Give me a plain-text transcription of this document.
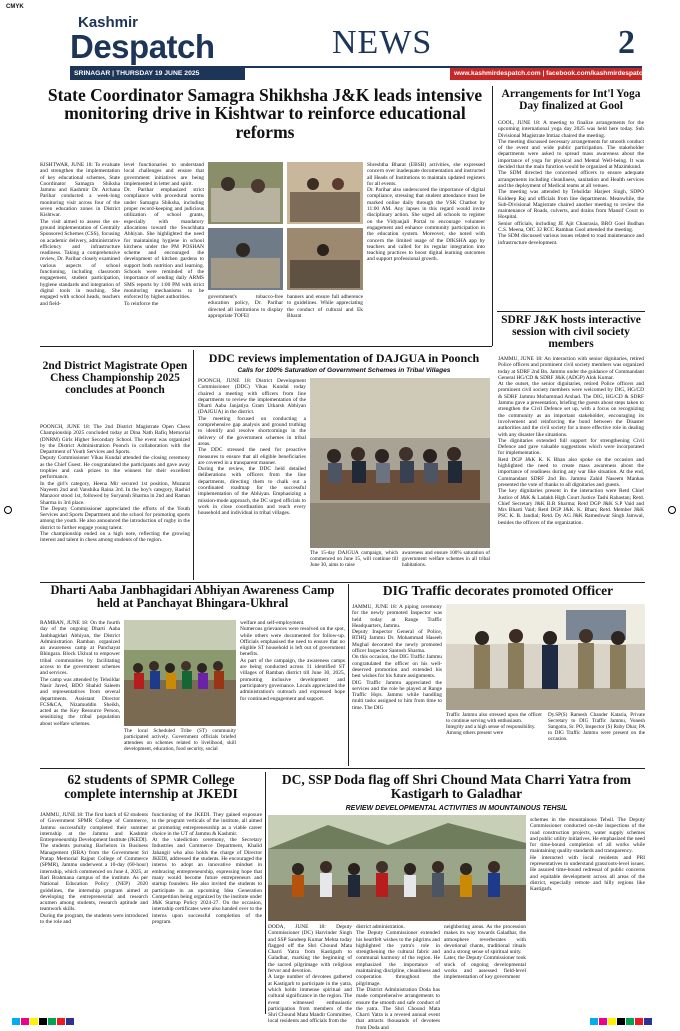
CMYK
Kashmir
Despatch	NEWS	2
SRINAGAR | THURSDAY 19 JUNE 2025	www.kashmirdespatch.com | facebook.com/kashmirdespatch
State Coordinator Samagra Shikhsha J&K leads intensive monitoring drive in Kishtwar to reinforce educational reforms
KISHTWAR, JUNE 18: To evaluate and strengthen the implementation of key educational schemes, State Coordinator Samagra Shiksha Jammu and Kashmir Dr. Archana Parihar conducted a week-long monitoring visit across four of the seven education zones in District Kishtwar.
The visit aimed to assess the on-ground implementation of Centrally Sponsored Schemes (CSS), focusing on academic delivery, administrative efficiency and infrastructure readiness. Taking a comprehensive review, Dr. Parihar closely examined various aspects of school functioning, including classroom engagement, student participation, hygiene standards and integration of digital tools in teaching. She engaged with school heads, teachers and field-
level functionaries to understand local challenges and ensure that government initiatives are being implemented in letter and spirit.
Dr. Parihar emphasized strict compliance with procedural norms under Samagra Shiksha, including proper record-keeping and judicious utilization of school grants, especially with mandatory allocations toward the Swachhata Abhiyan. She highlighted the need for maintaining hygiene in school kitchens under the PM POSHAN scheme and encouraged the development of kitchen gardens to support both nutrition and learning. Schools were reminded of the importance of sending daily ARMS SMS reports by 1:00 PM with strict monitoring mechanisms to be enforced by higher authorities.
To reinforce the
government's tobacco-free education policy, Dr. Parihar directed all institutions to display appropriate TOFEI
banners and ensure full adherence to guidelines. While appreciating the conduct of cultural and Ek Bharat
Shreshtha Bharat (EBSB) activities, she expressed concern over inadequate documentation and instructed all Heads of Institutions to maintain updated registers for all events.
Dr. Parihar also underscored the importance of digital compliance, stressing that student attendance must be marked online daily through the VSK Chatbot by 11:00 AM. Any lapses in this regard would invite disciplinary action. She urged all schools to register on the Vidyanjali Portal to encourage volunteer engagement and enhance community participation in the education system. Moreover, she noted with concern the limited usage of the DIKSHA app by teachers and called for its regular integration into teaching practices to boost digital learning outcomes and support professional growth.
Arrangements for Int'l Yoga Day finalized at Gool
GOOL, JUNE 18: A meeting to finalize arrangements for the upcoming international yoga day 2025 was held here today. Sub Divisional Magistrate Imtiaz chaired the meeting.
The meeting discussed necessary arrangements for smooth conduct of the event and wide public participation. The stakeholder departments were asked to spread mass awareness about the importance of yoga for physical and Mental Well-being. It was decided that the main function would be organized at Mazimkund.
The SDM directed the concerned officers to ensure adequate arrangements including cleanliness, sanitation and Health services and the deployment of Medical teams at all venues.
The meeting was attended by Tehsildar Harjeet Singh, SDPO Kuldeep Raj and officials from line departments. Meanwhile, the Sub-Divisional Magistrate chaired another meeting to review the maintenance of Roads, culverts, and drains from Mansif Court to Hospital.
Senior officials, including JE Ajit Chaurasia, BRO Goel Budhan C.S. Meena, OIC 32 RCC Ramban Gool attended the meeting.
The SDM discussed various issues related to road maintenance and infrastructure development.
SDRF J&K hosts interactive session with civil society members
JAMMU, JUNE 18: An interaction with senior dignitaries, retired Police officers and prominent civil society members was organized today at SDRF 2nd Bn. Jammu under the guidance of Commandant General HG/CD & SDRF J&K (ADGP) Alok Kumar.
At the outset, the senior dignitaries, retired Police officers and prominent civil society members were welcomed by DIG, HG/CD & SDRF Jammu Mohammad Arshad. The DIG, HG/CD & SDRF Jammu gave a presentation, briefing the guests about steps taken to strengthen the Civil Defence set up, with a focus on recognizing the community as an important stakeholder, encouraging its involvement and reinforcing the bond between the Disaster authorities and the civil society for a more effective role in dealing with any disaster like situations.
The dignitaries extended full support for strengthening Civil Defence and gave valuable suggestions which were incorporated for implementation.
Retd DGP J&K K. K Bhan also spoke on the occasion and highlighted the need to create mass awareness about the importance of readiness during any war like situation. At the end, Commandant SDRF 2nd Bn. Jammu Zahid Naseem Manhas presented the vote of thanks to all dignitaries and guests.
The key dignitaries present in the interaction were Retd Chief Justice of J&K & Ladakh High Court Justice Tashi Rabastan; Retd. Chief Secretary J&K B.R Sharma; Retd DGP J&K S.P Vaid and Mrs Bharti Vaid; Retd DGP J&K. K. Bhan; Retd. Member J&K PSC K. B. Jandial; Retd. Dy AG J&K Rameshwar Singh Jamwal, besides the officers of the organization.
2nd District Magistrate Open Chess Championship 2025 concludes at Poonch
POONCH, JUNE 18: The 2nd District Magistrate Open Chess Championship 2025 concluded today at Dina Nath Rafiq Memorial (DNRM) Girls Higher Secondary School. The event was organized by the District Administration Poonch in collaboration with the Department of Youth Services and Sports.
Deputy Commissioner Vikas Kundal attended the closing ceremony as the Chief Guest. He congratulated the participants and gave away trophies and cash prizes to the winners for their excellent performance.
In the girl's category, Heena Mir secured 1st position, Muzarat Nayeem 2nd and Vanshika Raina 3rd. In the boy's category, Rashid Manzoor stood 1st, followed by Suryansh Sharma in 2nd and Raman Sharma in 3rd place.
The Deputy Commissioner appreciated the efforts of the Youth Services and Sports Department and the school for promoting sports among the youth. He also announced the introduction of rugby in the district to further engage young talent.
The championship ended on a high note, reflecting the growing interest and talent in chess among students of the region.
DDC reviews implementation of DAJGUA in Poonch
Calls for 100% Saturation of Government Schemes in Tribal Villages
POONCH, JUNE 18: District Development Commissioner (DDC) Vikas Kundal today chaired a meeting with officers from line departments to review the implementation of the Dharti Aaba Janjatiya Gram Utkarsh Abhiyan (DAJGUA) in the district.
The meeting focused on conducting a comprehensive gap analysis and ground truthing to identify and resolve shortcomings in the delivery of the government schemes in tribal areas.
The DDC stressed the need for proactive measures to ensure that all eligible beneficiaries are covered in a transparent manner.
During the review, the DDC held detailed deliberations with officers from the line departments, directing them to chalk out a coordinated roadmap for the successful implementation of the Abhiyan. Emphasizing a mission-mode approach, the DC urged officials to work in close coordination and reach every household and individual in tribal villages.
The 15-day DAJGUA campaign, which commenced on June 15, will continue till June 30, aims to raise
awareness and ensure 100% saturation of government welfare schemes in all tribal habitations.
Dharti Aaba Janbhagidari Abhiyan Awareness Camp held at Panchayat Bhingara-Ukhral
RAMBAN, JUNE 18: On the fourth day of the ongoing Dharti Aaba Janbhagidari Abhiyan, the District Administration Ramban organized an awareness camp at Panchayat Bhingara. Block Ukhral to empower tribal communities by facilitating access to the government schemes and services.
The camp was attended by Tehsildar Nasir Javed, BDO Shahid Saleem and representatives from several departments. Assistant Director FCS&CA, Nizamuddin Sheikh, acted as the Key Resource Person, sensitizing the tribal population about welfare schemes.
The local Scheduled Tribe (ST) community participated actively. Government officials briefed attendees on schemes related to livelihood, skill development, education, food security, social
welfare and self-employment.
Numerous grievances were resolved on the spot, while others were documented for follow-up. Officials emphasised the need to ensure that no eligible ST household is left out of government benefits.
As part of the campaign, the awareness camps are being conducted across 11 identified ST villages of Ramban district till June 30, 2025, promoting inclusive development and participatory governance. Locals appreciated the administration's outreach and expressed hope for continued engagement and support.
DIG Traffic decorates promoted Officer
JAMMU, JUNE 18: A piping ceremony for the newly promoted Inspector was held today at Range Traffic Headquarters, Jammu.
Deputy Inspector General of Police, RTHQ Jammu Dr. Mohammad Haseeb Mughal decorated the newly promoted officer Inspector Santosh Sharma.
On this occasion, the DIG Traffic Jammu congratulated the officer on his well-deserved promotion and extended his best wishes for his future assignments.
DIG Traffic Jammu appreciated the services and the role he played at Range Traffic Hqrs. Jammu while handling multi tasks assigned to him from time to time. The DIG
Traffic Jammu also stressed upon the officer to continue serving with enthusiasm.
Integrity and a high sense of responsibility.
Among others present were
Dy.SP(S) Ramesh Chander Kataria, Private Secretary to DIG Traffic Jammu, Vonesh Sangotra, Sr. PO, Inspector (S) Ruby Dhar, PA to DIG Traffic Jammu were present on the occasion.
62 students of SPMR College complete internship at JKEDI
JAMMU, JUNE 18: The first batch of 62 students of Government SPMR College of Commerce, Jammu successfully completed their summer internship at the Jammu and Kashmir Entrepreneurship Development Institute (JKEDI).
The students pursuing Bachelors in Business Management (BBA) from the Government Sri Pratap Memorial Rajput College of Commerce (SPMR), Jammu underwent a 10-day (60-hour) internship, which commenced on June 4, 2025, at Bari Brahmana campus of the institute. As per National Education Policy (NEP) 2020 guidelines, the internship program aimed at developing the entrepreneurial and research acumen among students, research aptitude and teamwork skills.
During the program, the students were introduced to the role and
functioning of the JKEDI. They gained exposure to the program verticals of the institute, all aimed at promoting entrepreneurship as a viable career choice in the UT of Jammu & Kashmir.
At the valediction ceremony, the Secretary Industries and Commerce Department, Khalid Jahangir who also holds the charge of Director JKEDI, addressed the students. He encouraged the interns to adopt an innovative mindset in embracing entrepreneurship, expressing hope that many would become future entrepreneurs and startup founders. He also invited the students to participate in an upcoming Idea Generation Competition being organized by the institute under J&K Startup Policy 2024-27. On the occasion, internship certificates were also handed over to the interns upon successful completion of the program.
DC, SSP Doda flag off Shri Chound Mata Charri Yatra from Kastigarh to Galadhar
REVIEW DEVELOPMENTAL ACTIVITIES IN MOUNTAINOUS TEHSIL
schemes in the mountainous Tehsil. The Deputy Commissioner conducted on-site inspections of the road construction projects, water supply schemes and public utility initiatives. He emphasized the need for time-bound completion of all works while maintaining quality standards and transparency.
He interacted with local residents and PRI representatives to understand grassroots-level issues. He assured time-bound redressal of public concerns and equitable development across all areas of the district, especially remote and hilly regions like Kastigarh.
DODA, JUNE 18: Deputy Commissioner (DC) Harvinder Singh and SSP Sandeep Kumar Mehta today flagged off the Shri Chound Mata Charri Yatra from Kastigarh to Galadhar, marking the beginning of the sacred pilgrimage with religious fervor and devotion.
A large number of devotees gathered at Kastigarh to participate in the yatra, which holds immense spiritual and cultural significance in the region. The event witnessed enthusiastic participation from members of the Shri Chound Mata Mandir Committee, local residents and officials from the
district administration.
The Deputy Commissioner extended his heartfelt wishes to the pilgrims and highlighted the yatra's role in strengthening the cultural fabric and communal harmony of the region. He emphasized the importance of maintaining discipline, cleanliness and cooperation throughout the pilgrimage.
The District Administration Doda has made comprehensive arrangements to ensure the smooth and safe conduct of the yatra. The Shri Chound Mata Charri Yatra is a revered annual event that attracts thousands of devotees from Doda and
neighboring areas. As the procession makes its way towards Galadhar, the atmosphere reverberates with devotional chants, traditional rituals and a strong sense of spiritual unity.
Later, the Deputy Commissioner took stock of ongoing developmental works and assessed field-level implementation of key government
